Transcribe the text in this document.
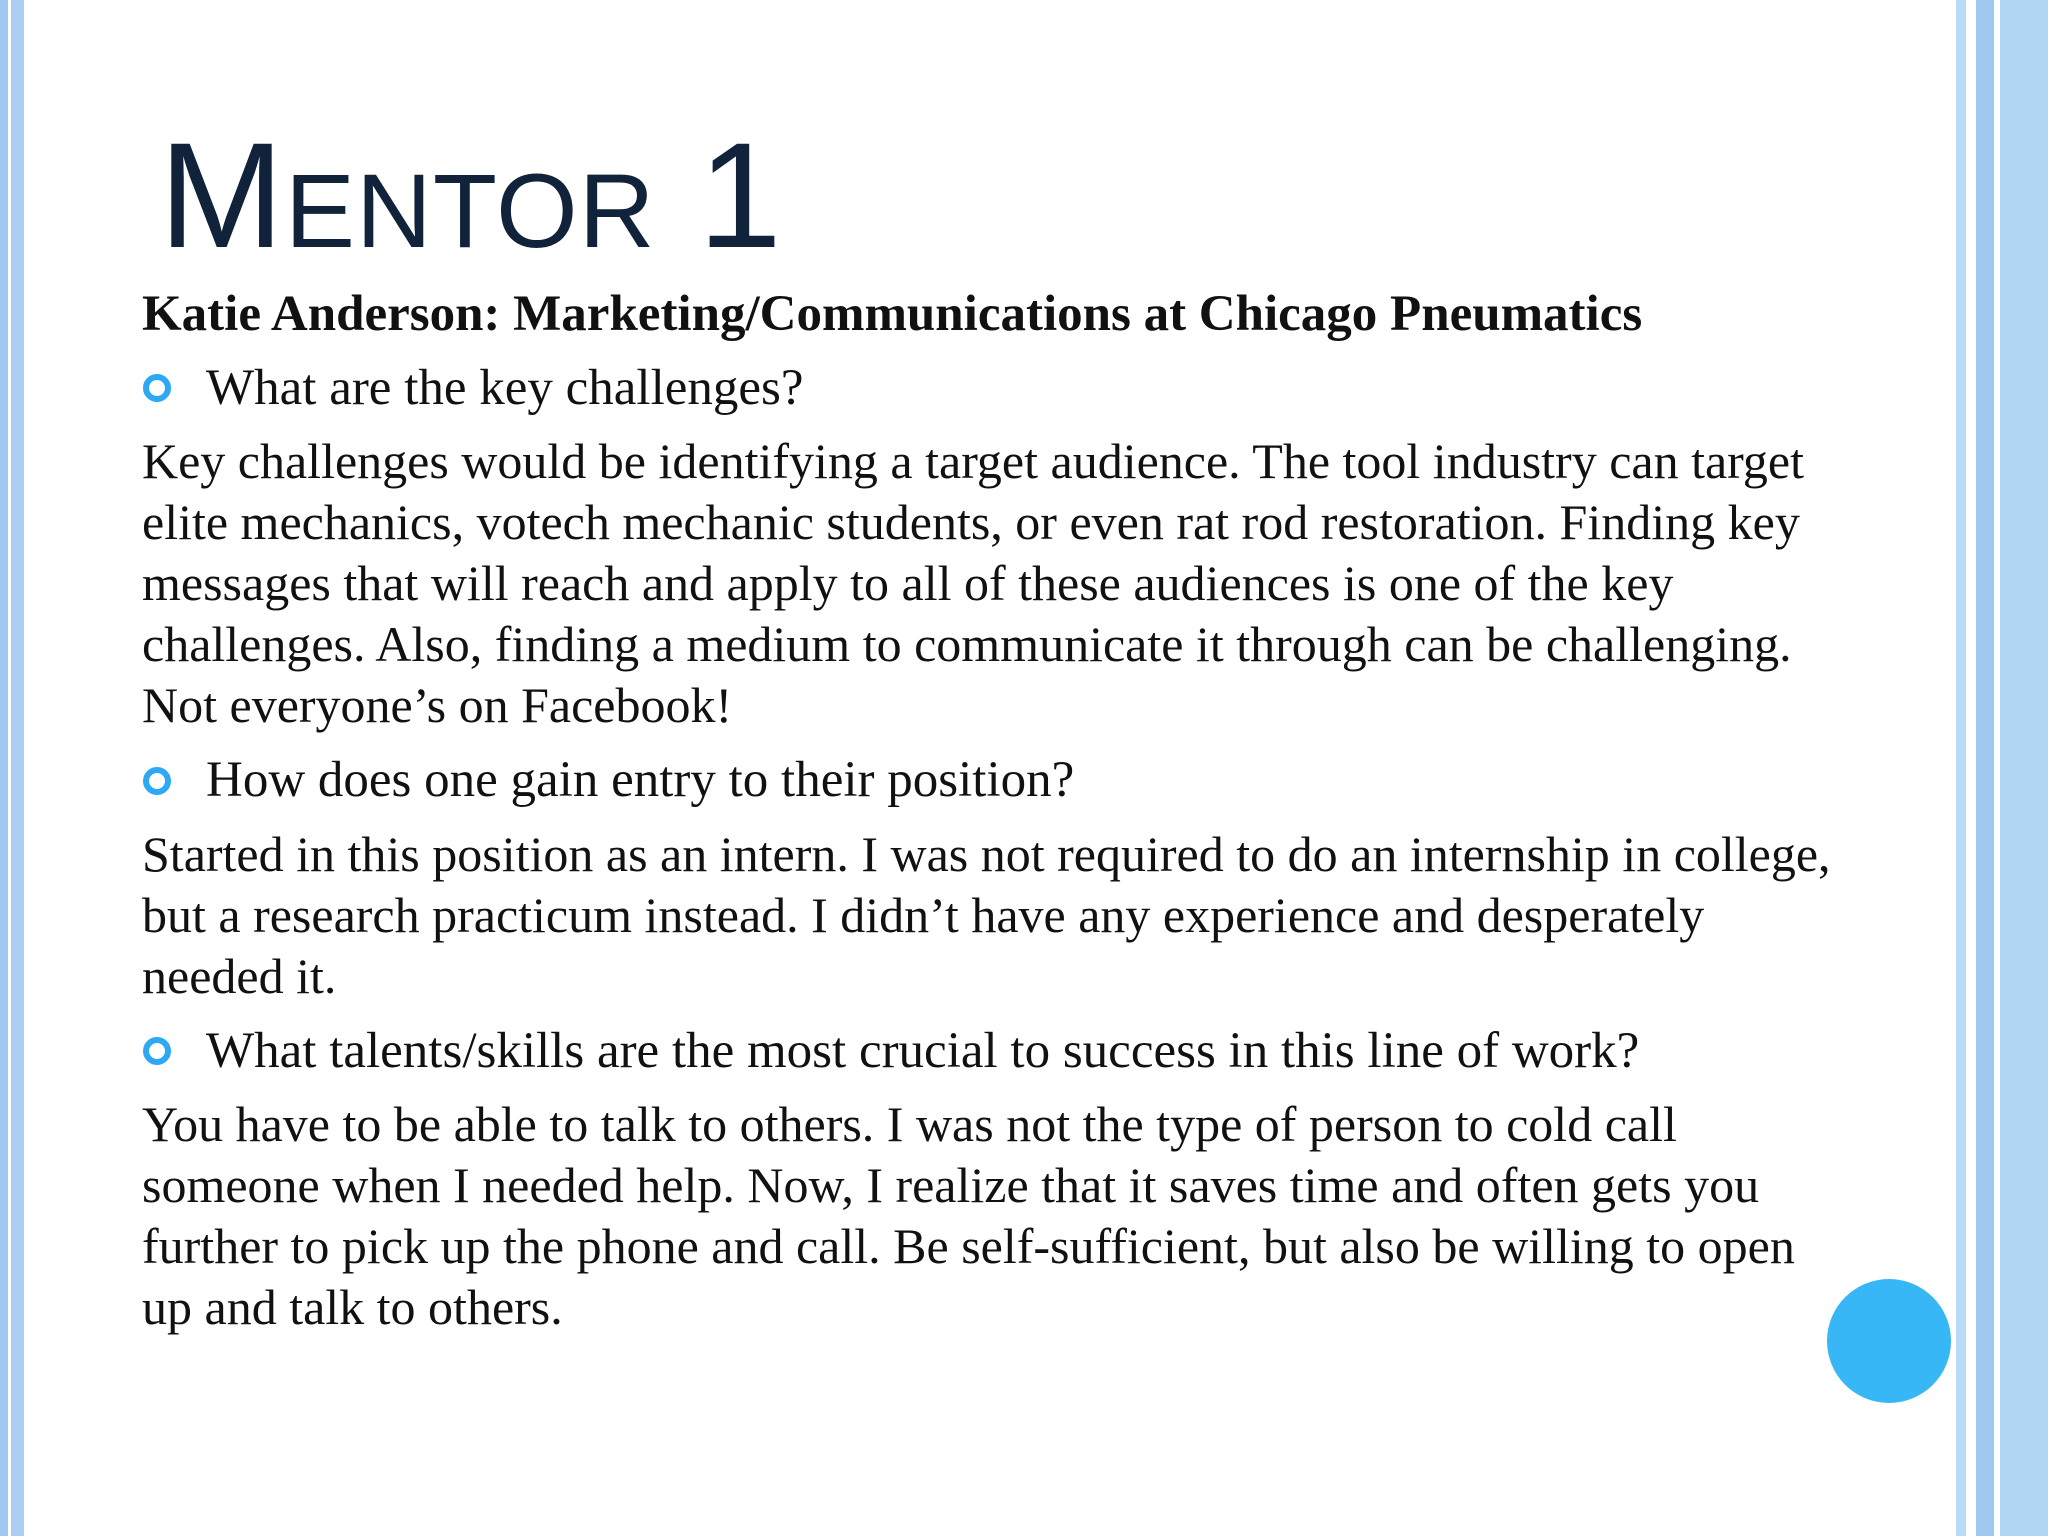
Mentor 1
Katie Anderson: Marketing/Communications at Chicago Pneumatics
What are the key challenges?

Key challenges would be identifying a target audience. The tool industry can target elite mechanics, votech mechanic students, or even rat rod restoration. Finding key messages that will reach and apply to all of these audiences is one of the key challenges. Also, finding a medium to communicate it through can be challenging. Not everyone’s on Facebook!

How does one gain entry to their position?

Started in this position as an intern. I was not required to do an internship in college, but a research practicum instead. I didn’t have any experience and desperately needed it.

What talents/skills are the most crucial to success in this line of work?

You have to be able to talk to others. I was not the type of person to cold call someone when I needed help. Now, I realize that it saves time and often gets you further to pick up the phone and call. Be self-sufficient, but also be willing to open up and talk to others.
